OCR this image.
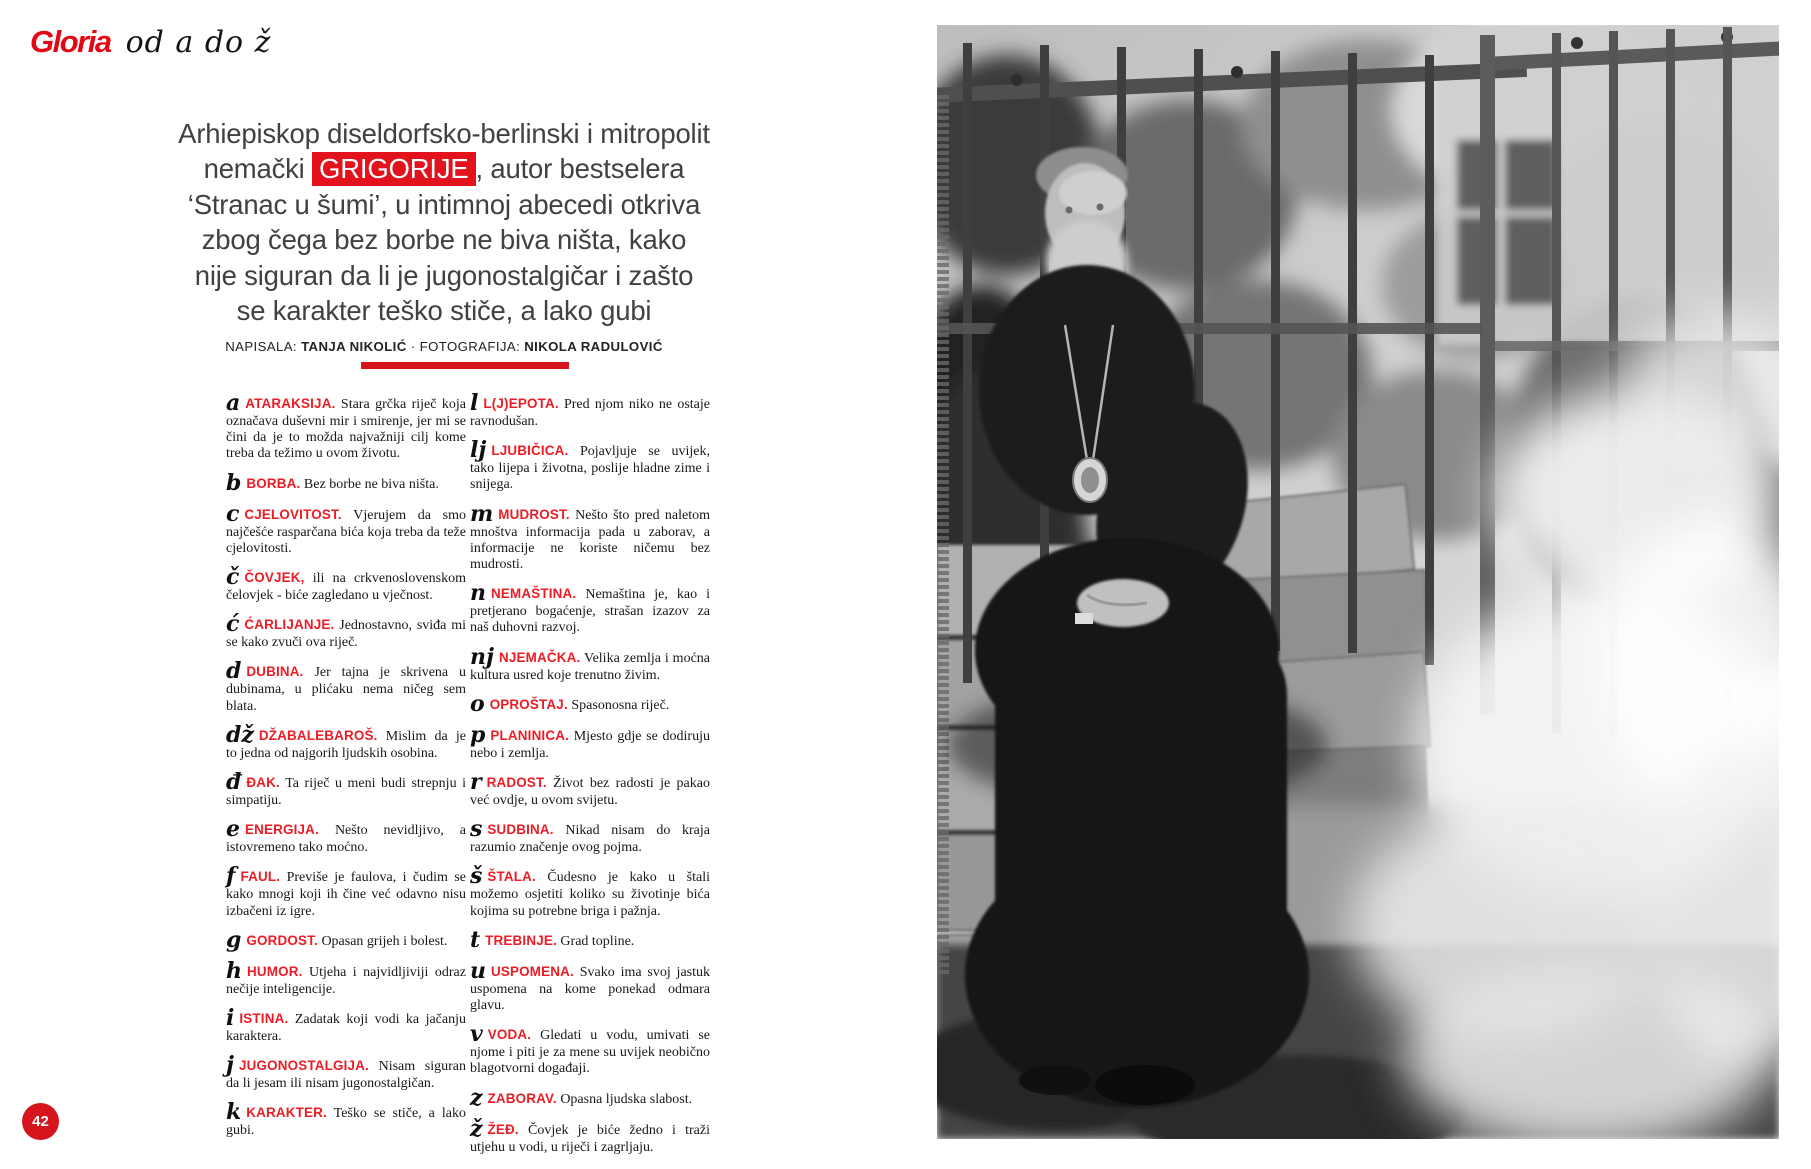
Gloria od a do ž
Arhiepiskop diseldorfsko-berlinski i mitropolit
nemački GRIGORIJE , autor bestselera
‘Stranac u šumi’, u intimnoj abecedi otkriva
zbog čega bez borbe ne biva ništa, kako
nije siguran da li je jugonostalgičar i zašto
se karakter teško stiče, a lako gubi
NAPISALA: TANJA NIKOLIĆ · FOTOGRAFIJA: NIKOLA RADULOVIĆ

aATARAKSIJA. Stara grčka riječ koja označava duševni mir i smirenje, jer mi se čini da je to možda najvažniji cilj kome treba da težimo u ovom životu.

bBORBA. Bez borbe ne biva ništa.

cCJELOVITOST. Vjerujem da smo najčešće rasparčana bića koja treba da teže cjelovitosti.

čČOVJEK, ili na crkvenoslovenskom čelovjek - biće zagledano u vječnost.

ćĆARLIJANJE. Jednostavno, sviđa mi se kako zvuči ova riječ.

dDUBINA. Jer tajna je skrivena u dubinama, u plićaku nema ničeg sem blata.

dž DŽABALEBAROŠ. Mislim da je to jedna od najgorih ljudskih osobina.

đĐAK. Ta riječ u meni budi strepnju i simpatiju.

eENERGIJA. Nešto nevidljivo, a istovremeno tako moćno.

fFAUL. Previše je faulova, i čudim se kako mnogi koji ih čine već odavno nisu izbačeni iz igre.

gGORDOST. Opasan grijeh i bolest.

hHUMOR. Utjeha i najvidljiviji odraz nečije inteligencije.

iISTINA. Zadatak koji vodi ka jačanju karaktera.

jJUGONOSTALGIJA. Nisam siguran da li jesam ili nisam jugonostalgičan.

kKARAKTER. Teško se stiče, a lako gubi.

l L(J)EPOTA. Pred njom niko ne ostaje ravnodušan.

lj LJUBIČICA. Pojavljuje se uvijek, tako lijepa i životna, poslije hladne zime i snijega.

mMUDROST. Nešto što pred naletom mnoštva informacija pada u zaborav, a informacije ne koriste ničemu bez mudrosti.

nNEMAŠTINA. Nemaština je, kao i pretjerano bogaćenje, strašan izazov za naš duhovni razvoj.

nj NJEMAČKA. Velika zemlja i moćna kultura usred koje trenutno živim.

oOPROŠTAJ. Spasonosna riječ.

pPLANINICA. Mjesto gdje se dodiruju nebo i zemlja.

rRADOST. Život bez radosti je pakao već ovdje, u ovom svijetu.

sSUDBINA. Nikad nisam do kraja razumio značenje ovog pojma.

šŠTALA. Čudesno je kako u štali možemo osjetiti koliko su životinje bića kojima su potrebne briga i pažnja.

tTREBINJE. Grad topline.

uUSPOMENA. Svako ima svoj jastuk uspomena na kome ponekad odmara glavu.

vVODA. Gledati u vodu, umivati se njome i piti je za mene su uvijek neobično blagotvorni događaji.

zZABORAV. Opasna ljudska slabost.

žŽEĐ. Čovjek je biće žedno i traži utjehu u vodi, u riječi i zagrljaju.

42
